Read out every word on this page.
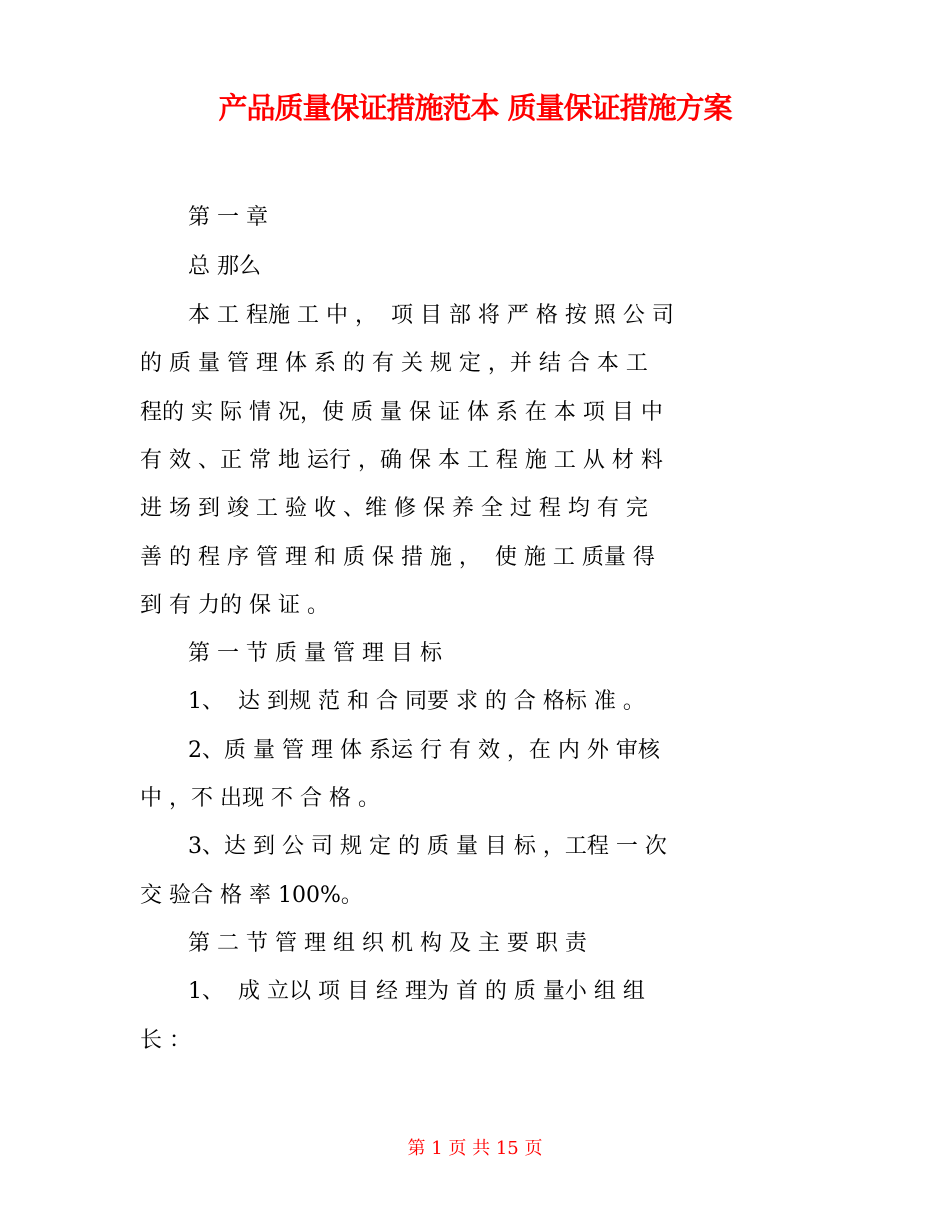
产品质量保证措施范本 质量保证措施方案
第 一 章
总 那么
本 工 程施 工 中 ，  项 目 部 将 严 格 按 照 公 司
的 质 量 管 理 体 系 的 有 关 规 定 ，并 结 合 本 工
程的 实 际 情 况，使 质 量 保 证 体 系 在 本 项 目 中
有 效 、正 常 地 运行 ，确 保 本 工 程 施 工 从 材 料
进 场 到 竣 工 验 收 、维 修 保 养 全 过 程 均 有 完
善 的 程 序 管 理 和 质 保 措 施 ，  使 施 工 质量 得
到 有 力的 保 证 。
第 一 节 质 量 管 理 目 标
1、  达 到规 范 和 合 同要 求 的 合 格标 准 。
2、质 量 管 理 体 系运 行 有 效 ，在 内 外 审核
中 ，不 出现 不 合 格 。
3、达 到 公 司 规 定 的 质 量 目 标 ，工程 一 次
交 验合 格 率 100%。
第 二 节 管 理 组 织 机 构 及 主 要 职 责
1、  成 立以 项 目 经 理为 首 的 质 量小 组 组
长 ：
第 1 页 共 15 页
